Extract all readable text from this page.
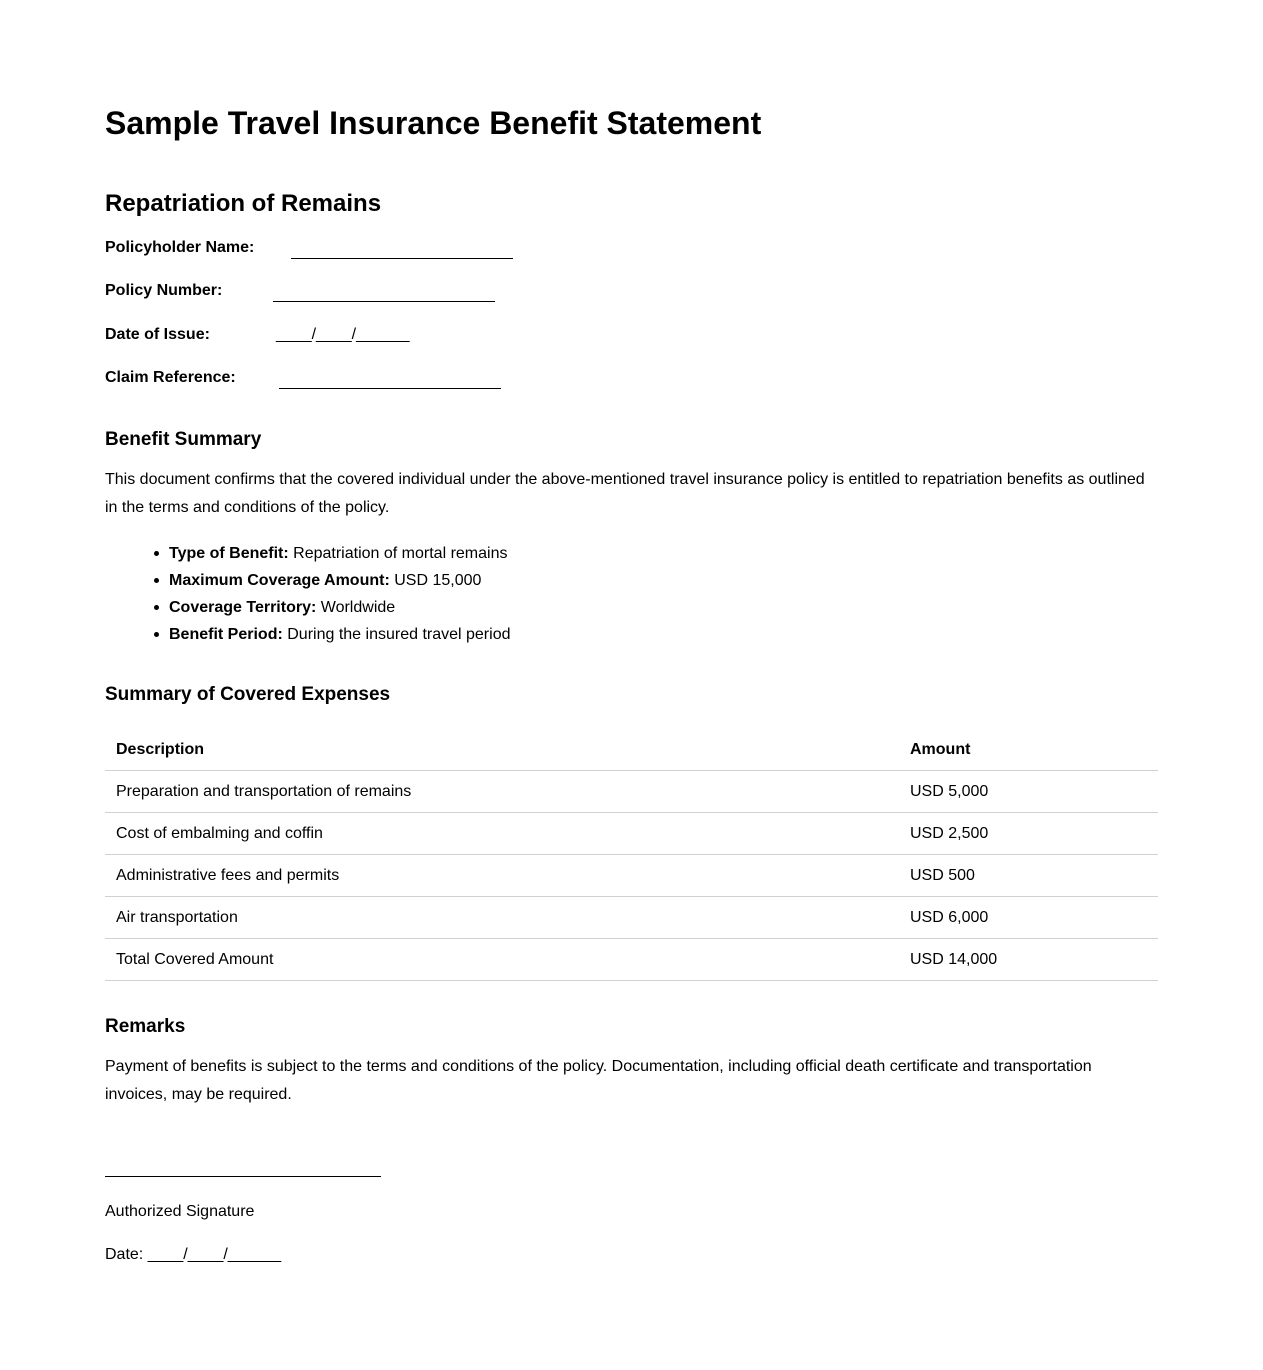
Sample Travel Insurance Benefit Statement
Repatriation of Remains
Policyholder Name:
Policy Number:
Date of Issue:	____/____/______
Claim Reference:
Benefit Summary

This document confirms that the covered individual under the above-mentioned travel insurance policy is entitled to repatriation benefits as outlined in the terms and conditions of the policy.

Type of Benefit: Repatriation of mortal remains
Maximum Coverage Amount: USD 15,000
Coverage Territory: Worldwide
Benefit Period: During the insured travel period
Summary of Covered Expenses
Description	Amount
Preparation and transportation of remains	USD 5,000
Cost of embalming and coffin	USD 2,500
Administrative fees and permits	USD 500
Air transportation	USD 6,000
Total Covered Amount	USD 14,000
Remarks

Payment of benefits is subject to the terms and conditions of the policy. Documentation, including official death certificate and transportation invoices, may be required.

Authorized Signature
Date: ____/____/______
